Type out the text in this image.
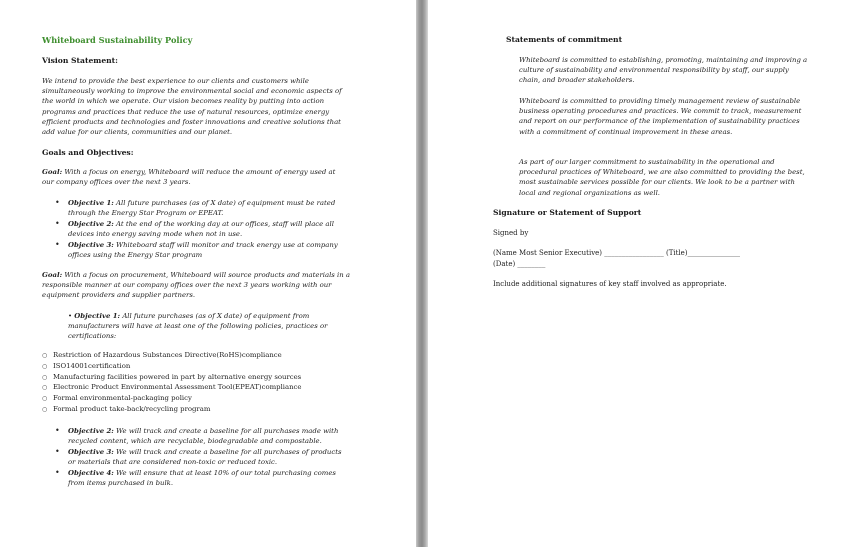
Whiteboard Sustainability Policy

Vision Statement:

We intend to provide the best experience to our clients and customers while simultaneously working to improve the environmental social and economic aspects of the world in which we operate. Our vision becomes reality by putting into action programs and practices that reduce the use of natural resources, optimize energy efficient products and technologies and foster innovations and creative solutions that add value for our clients, communities and our planet.

Goals and Objectives:

Goal: With a focus on energy, Whiteboard will reduce the amount of energy used at our company offices over the next 3 years.

• Objective 1: All future purchases (as of X date) of equipment must be rated through the Energy Star Program or EPEAT.
• Objective 2: At the end of the working day at our offices, staff will place all devices into energy saving mode when not in use.
• Objective 3: Whiteboard staff will monitor and track energy use at company offices using the Energy Star program

Goal: With a focus on procurement, Whiteboard will source products and materials in a responsible manner at our company offices over the next 3 years working with our equipment providers and supplier partners.

• Objective 1: All future purchases (as of X date) of equipment from manufacturers will have at least one of the following policies, practices or certifications:

○ Restriction of Hazardous Substances Directive(RoHS)compliance
○ ISO14001certification
○ Manufacturing facilities powered in part by alternative energy sources
○ Electronic Product Environmental Assessment Tool(EPEAT)compliance
○ Formal environmental-packaging policy
○ Formal product take-back/recycling program
• Objective 2: We will track and create a baseline for all purchases made with recycled content, which are recyclable, biodegradable and compostable.
• Objective 3: We will track and create a baseline for all purchases of products or materials that are considered non-toxic or reduced toxic.
• Objective 4: We will ensure that at least 10% of our total purchasing comes from items purchased in bulk.

Statements of commitment

Whiteboard is committed to establishing, promoting, maintaining and improving a culture of sustainability and environmental responsibility by staff, our supply chain, and broader stakeholders.

Whiteboard is committed to providing timely management review of sustainable business operating procedures and practices. We commit to track, measurement and report on our performance of the implementation of sustainability practices with a commitment of continual improvement in these areas.

As part of our larger commitment to sustainability in the operational and procedural practices of Whiteboard, we are also committed to providing the best, most sustainable services possible for our clients. We look to be a partner with local and regional organizations as well.

Signature or Statement of Support

Signed by

(Name Most Senior Executive) _________________ (Title)_______________

(Date) ________

Include additional signatures of key staff involved as appropriate.
